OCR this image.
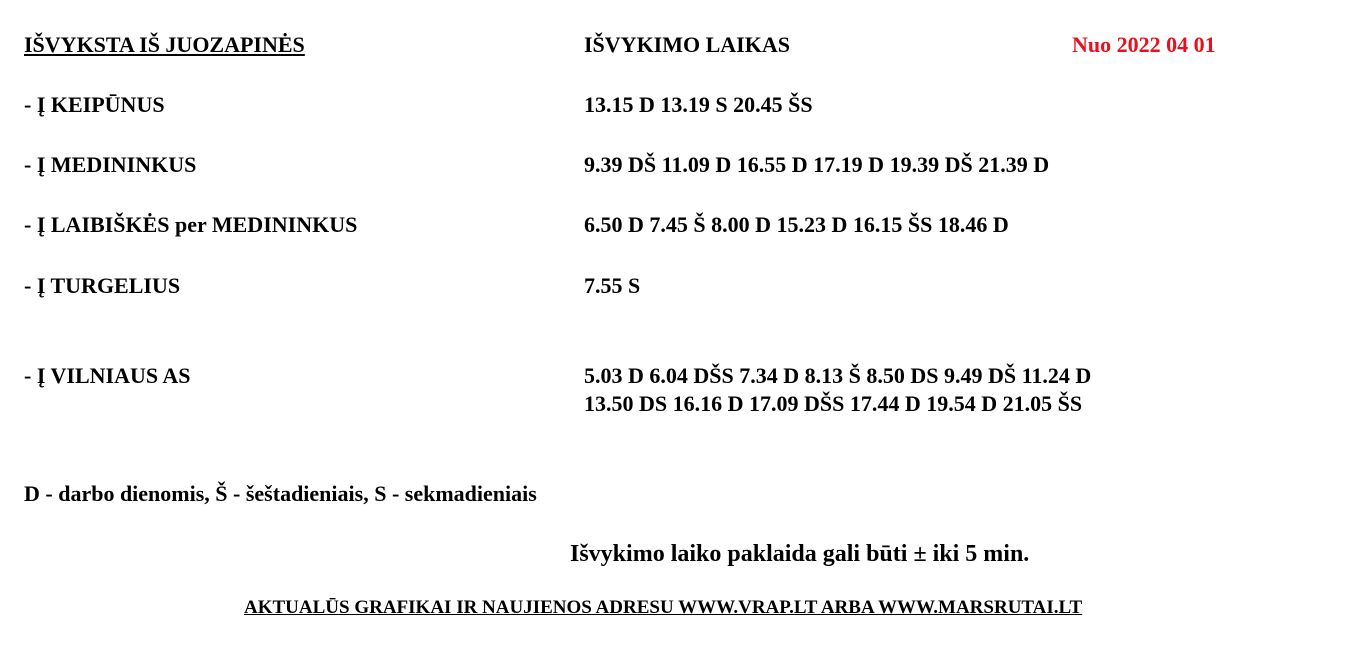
IŠVYKSTA IŠ JUOZAPINĖS	IŠVYKIMO LAIKAS	Nuo 2022 04 01
- Į KEIPŪNUS	13.15 D 13.19 S 20.45 ŠS
- Į MEDININKUS	9.39 DŠ 11.09 D 16.55 D 17.19 D 19.39 DŠ 21.39 D
- Į LAIBIŠKĖS per MEDININKUS	6.50 D 7.45 Š 8.00 D 15.23 D 16.15 ŠS 18.46 D
- Į TURGELIUS	7.55 S
- Į VILNIAUS AS	5.03 D 6.04 DŠS 7.34 D 8.13 Š 8.50 DS 9.49 DŠ 11.24 D
13.50 DS 16.16 D 17.09 DŠS 17.44 D 19.54 D 21.05 ŠS
D - darbo dienomis, Š - šeštadieniais, S - sekmadieniais
Išvykimo laiko paklaida gali būti ± iki 5 min.
AKTUALŪS GRAFIKAI IR NAUJIENOS ADRESU WWW.VRAP.LT ARBA WWW.MARSRUTAI.LT
